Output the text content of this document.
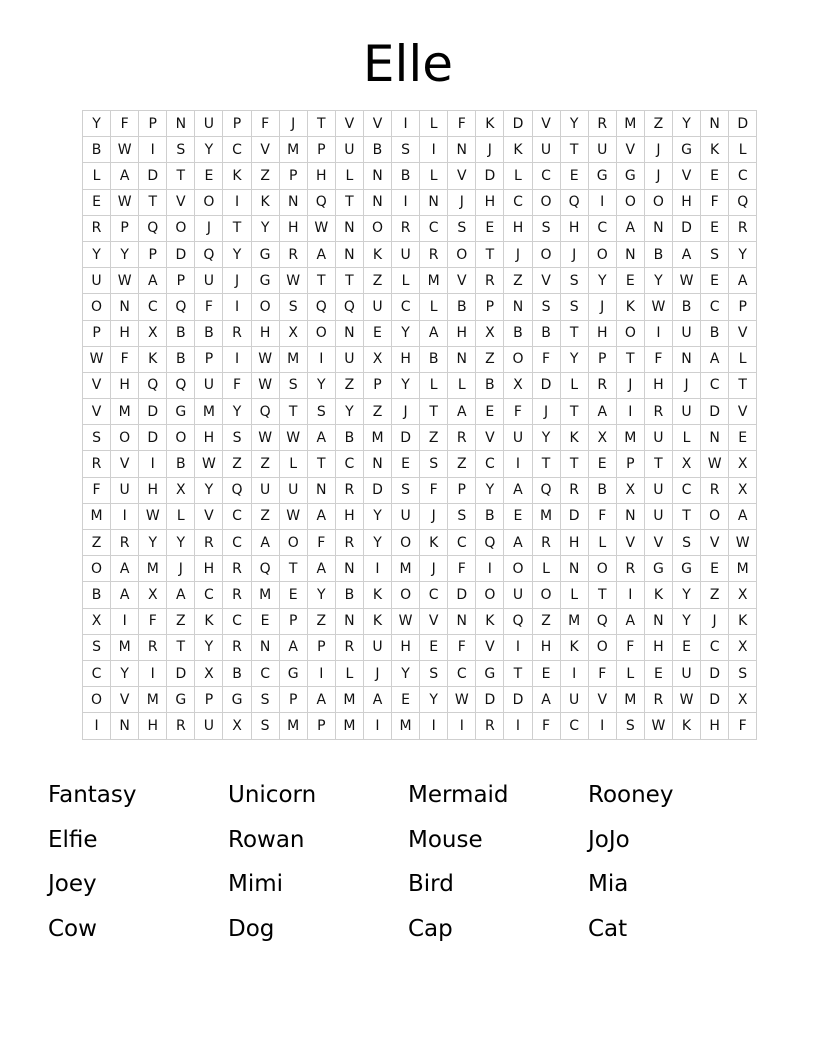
Elle
Y	F	P	N	U	P	F	J	T	V	V	I	L	F	K	D	V	Y	R	M	Z	Y	N	D
B	W	I	S	Y	C	V	M	P	U	B	S	I	N	J	K	U	T	U	V	J	G	K	L
L	A	D	T	E	K	Z	P	H	L	N	B	L	V	D	L	C	E	G	G	J	V	E	C
E	W	T	V	O	I	K	N	Q	T	N	I	N	J	H	C	O	Q	I	O	O	H	F	Q
R	P	Q	O	J	T	Y	H	W	N	O	R	C	S	E	H	S	H	C	A	N	D	E	R
Y	Y	P	D	Q	Y	G	R	A	N	K	U	R	O	T	J	O	J	O	N	B	A	S	Y
U	W	A	P	U	J	G	W	T	T	Z	L	M	V	R	Z	V	S	Y	E	Y	W	E	A
O	N	C	Q	F	I	O	S	Q	Q	U	C	L	B	P	N	S	S	J	K	W	B	C	P
P	H	X	B	B	R	H	X	O	N	E	Y	A	H	X	B	B	T	H	O	I	U	B	V
W	F	K	B	P	I	W	M	I	U	X	H	B	N	Z	O	F	Y	P	T	F	N	A	L
V	H	Q	Q	U	F	W	S	Y	Z	P	Y	L	L	B	X	D	L	R	J	H	J	C	T
V	M	D	G	M	Y	Q	T	S	Y	Z	J	T	A	E	F	J	T	A	I	R	U	D	V
S	O	D	O	H	S	W	W	A	B	M	D	Z	R	V	U	Y	K	X	M	U	L	N	E
R	V	I	B	W	Z	Z	L	T	C	N	E	S	Z	C	I	T	T	E	P	T	X	W	X
F	U	H	X	Y	Q	U	U	N	R	D	S	F	P	Y	A	Q	R	B	X	U	C	R	X
M	I	W	L	V	C	Z	W	A	H	Y	U	J	S	B	E	M	D	F	N	U	T	O	A
Z	R	Y	Y	R	C	A	O	F	R	Y	O	K	C	Q	A	R	H	L	V	V	S	V	W
O	A	M	J	H	R	Q	T	A	N	I	M	J	F	I	O	L	N	O	R	G	G	E	M
B	A	X	A	C	R	M	E	Y	B	K	O	C	D	O	U	O	L	T	I	K	Y	Z	X
X	I	F	Z	K	C	E	P	Z	N	K	W	V	N	K	Q	Z	M	Q	A	N	Y	J	K
S	M	R	T	Y	R	N	A	P	R	U	H	E	F	V	I	H	K	O	F	H	E	C	X
C	Y	I	D	X	B	C	G	I	L	J	Y	S	C	G	T	E	I	F	L	E	U	D	S
O	V	M	G	P	G	S	P	A	M	A	E	Y	W	D	D	A	U	V	M	R	W	D	X
I	N	H	R	U	X	S	M	P	M	I	M	I	I	R	I	F	C	I	S	W	K	H	F
Fantasy	Unicorn	Mermaid	Rooney
Elfie	Rowan	Mouse	JoJo
Joey	Mimi	Bird	Mia
Cow	Dog	Cap	Cat
